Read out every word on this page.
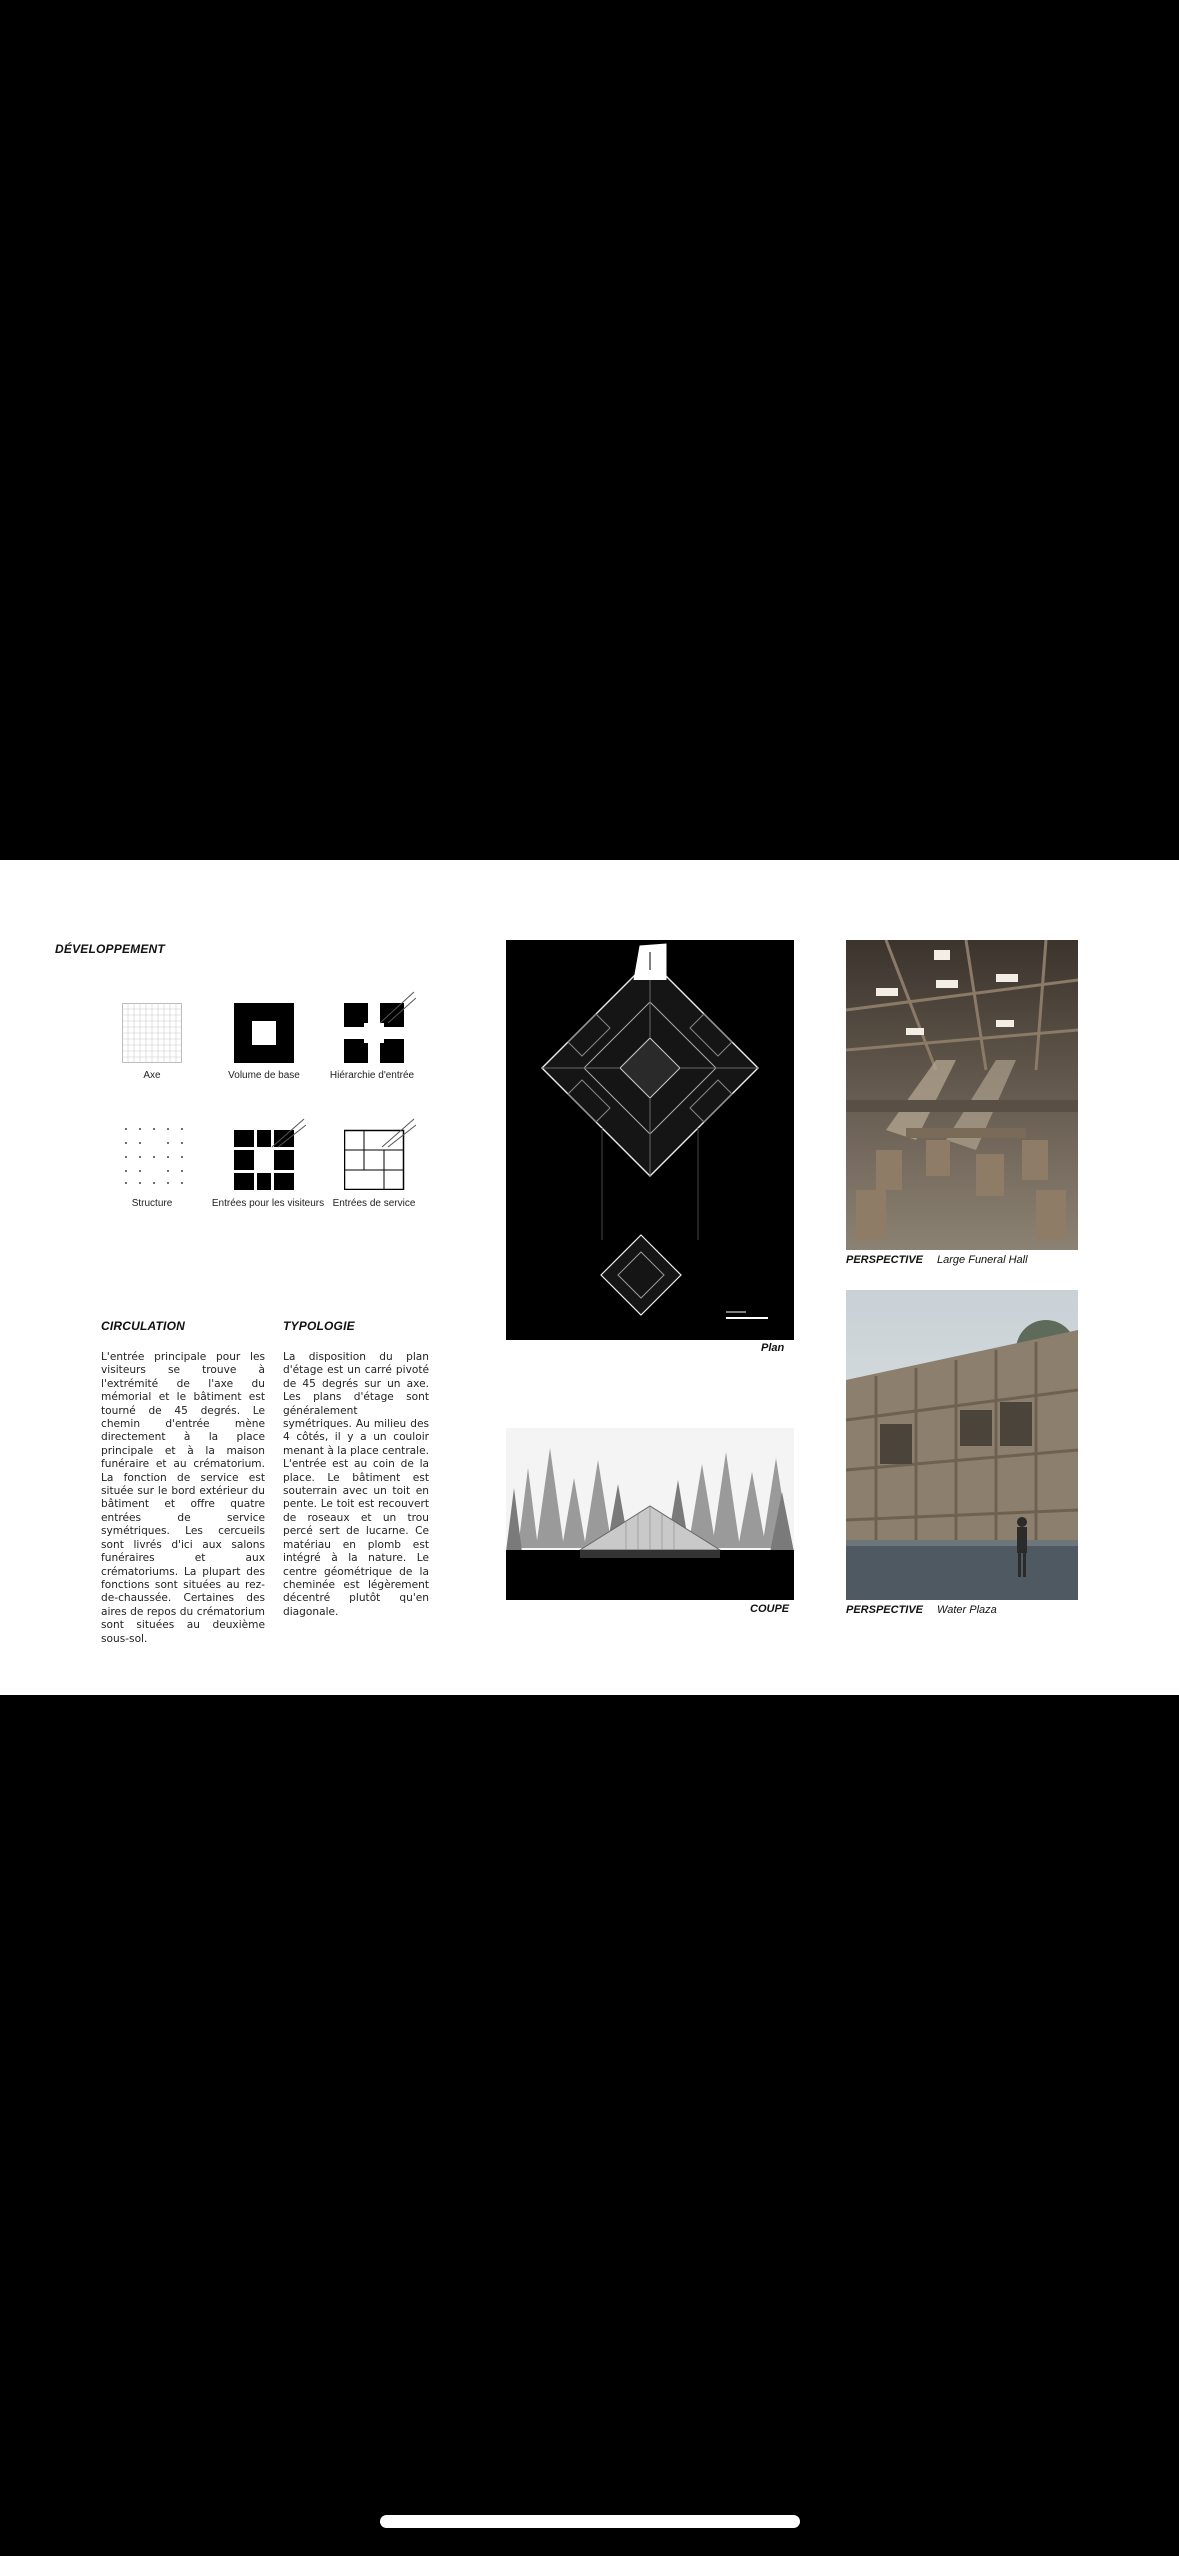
DÉVELOPPEMENT
Axe	Volume de base	Hiérarchie d'entrée
Structure	Entrées pour les visiteurs Entrées de service
CIRCULATION

L'entrée principale pour les visiteurs se trouve à l'extrémité de l'axe du mémorial et le bâtiment est tourné de 45 degrés. Le chemin d'entrée mène directement à la place principale et à la maison funéraire et au crématorium. La fonction de service est située sur le bord extérieur du bâtiment et offre quatre entrées de service symétriques. Les cercueils sont livrés d'ici aux salons funéraires et aux crématoriums. La plupart des fonctions sont situées au rez-de-chaussée. Certaines des aires de repos du crématorium sont situées au deuxième sous-sol.

TYPOLOGIE

La disposition du plan d'étage est un carré pivoté de 45 degrés sur un axe. Les plans d'étage sont généralement symétriques. Au milieu des 4 côtés, il y a un couloir menant à la place centrale. L'entrée est au coin de la place. Le bâtiment est souterrain avec un toit en pente. Le toit est recouvert de roseaux et un trou percé sert de lucarne. Ce matériau en plomb est intégré à la nature. Le centre géométrique de la cheminée est légèrement décentré plutôt qu'en diagonale.

Plan
COUPE
PERSPECTIVE Large Funeral Hall
PERSPECTIVE Water Plaza
